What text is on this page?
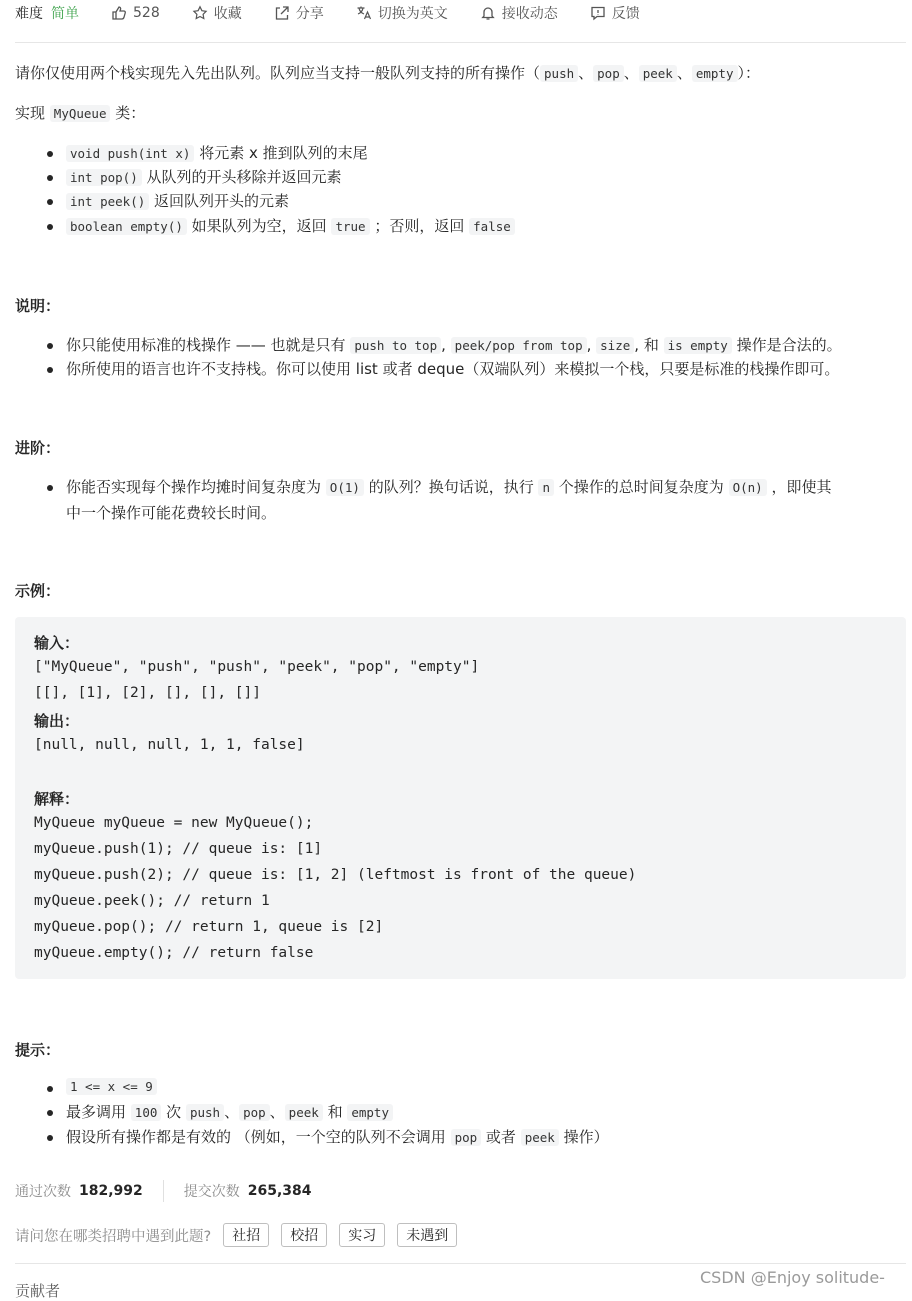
难度 简单	528	收藏	分享	切换为英文	接收动态	反馈
请你仅使用两个栈实现先入先出队列。队列应当支持一般队列支持的所有操作（ push 、 pop 、 peek 、 empty ）：
实现 MyQueue 类：
void push(int x) 将元素 x 推到队列的末尾
int pop() 从队列的开头移除并返回元素
int peek() 返回队列开头的元素
boolean empty() 如果队列为空，返回 true ；否则，返回 false
说明：
你只能使用标准的栈操作 —— 也就是只有 push to top , peek/pop from top , size , 和 is empty 操作是合法的。
你所使用的语言也许不支持栈。你可以使用 list 或者 deque（双端队列）来模拟一个栈，只要是标准的栈操作即可。
进阶：
你能否实现每个操作均摊时间复杂度为 O(1) 的队列？换句话说，执行 n 个操作的总时间复杂度为 O(n) ，即使其
中一个操作可能花费较长时间。
示例：
输入：
["MyQueue", "push", "push", "peek", "pop", "empty"]
[[], [1], [2], [], [], []]
输出：
[null, null, null, 1, 1, false]
解释：
MyQueue myQueue = new MyQueue();
myQueue.push(1); // queue is: [1]
myQueue.push(2); // queue is: [1, 2] (leftmost is front of the queue)
myQueue.peek(); // return 1
myQueue.pop(); // return 1, queue is [2]
myQueue.empty(); // return false
提示：
1 <= x <= 9
最多调用 100 次 push 、 pop 、 peek 和 empty
假设所有操作都是有效的 （例如，一个空的队列不会调用 pop 或者 peek 操作）
通过次数 182,992	提交次数 265,384
请问您在哪类招聘中遇到此题?	社招	校招	实习	未遇到
贡献者
CSDN @Enjoy solitude-
